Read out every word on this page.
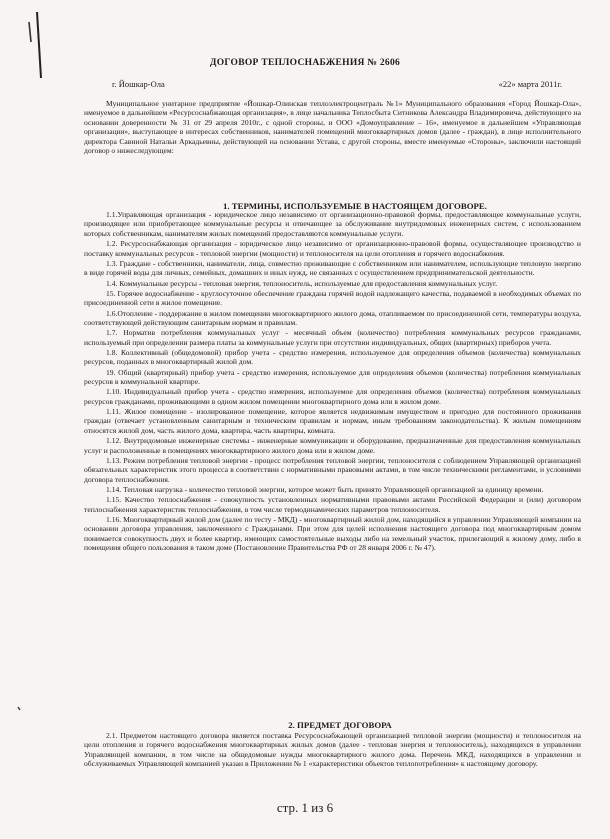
ДОГОВОР ТЕПЛОСНАБЖЕНИЯ № 2606
г. Йошкар-Ола	«22» марта 2011г.

Муниципальное унитарное предприятие «Йошкар-Олинская теплоэлектроцентраль №1» Муниципального образования «Город Йошкар-Ола», именуемое в дальнейшем «Ресурсоснабжающая организация», в лице начальника Теплосбыта Ситникова Александра Владимировича, действующего на основании доверенности № 31 от 29 апреля 2010г., с одной стороны, и ООО «Домоуправление – 16», именуемое в дальнейшем «Управляющая организация», выступающее в интересах собственников, нанимателей помещений многоквартирных домов (далее - граждан), в лице исполнительного директора Савиной Натальи Аркадьевны, действующей на основании Устава, с другой стороны, вместе именуемые «Стороны», заключили настоящий договор о нижеследующем:

1. ТЕРМИНЫ, ИСПОЛЬЗУЕМЫЕ В НАСТОЯЩЕМ ДОГОВОРЕ.

1.1.Управляющая организация - юридическое лицо независимо от организационно-правовой формы, предоставляющее коммунальные услуги, производящее или приобретающее коммунальные ресурсы и отвечающее за обслуживание внутридомовых инженерных систем, с использованием которых собственникам, нанимателям жилых помещений предоставляются коммунальные услуги.

1.2. Ресурсоснабжающая организация - юридическое лицо независимо от организационно-правовой формы, осуществляющее производство и поставку коммунальных ресурсов - тепловой энергии (мощности) и теплоносителя на цели отопления и горячего водоснабжения.

1.3. Граждане - собственники, наниматели, лица, совместно проживающие с собственником или нанимателем, использующие тепловую энергию в виде горячей воды для личных, семейных, домашних и иных нужд, не связанных с осуществлением предпринимательской деятельности.

1.4. Коммунальные ресурсы - тепловая энергия, теплоноситель, используемые для предоставления коммунальных услуг.

15. Горячее водоснабжение - круглосуточное обеспечение гражданa горячей водой надлежащего качества, подаваемой в необходимых объемах по присоединенной сети в жилое помещение.

1.6.Отопление - поддержание в жилом помещении многоквартирного жилого дома, отапливаемом по присоединенной сети, температуры воздуха, соответствующей действующим санитарным нормам и правилам.

1.7. Норматив потребления коммунальных услуг - месячный объем (количество) потребления коммунальных ресурсов гражданами, используемый при определении размера платы за коммунальные услуги при отсутствии индивидуальных, общих (квартирных) приборов учета.

1.8. Коллективный (общедомовой) прибор учета - средство измерения, используемое для определения объемов (количества) коммунальных ресурсов, поданных в многоквартирный жилой дом.

19. Общий (квартирный) прибор учета - средство измерения, используемое для определения объемов (количества) потребления коммунальных ресурсов в коммунальной квартире.

1.10. Индивидуальный прибор учета - средство измерения, используемое для определения объемов (количества) потребления коммунальных ресурсов гражданами, проживающими в одном жилом помещении многоквартирного дома или в жилом доме.

1.11. Жилое помещение - изолированное помещение, которое является недвижимым имуществом и пригодно для постоянного проживания граждан (отвечает установленным санитарным и техническим правилам и нормам, иным требованиям законодательства). К жилым помещениям относятся жилой дом, часть жилого дома, квартира, часть квартиры, комната.

1.12. Внутридомовые инженерные системы - инженерные коммуникации и оборудование, предназначенные для предоставления коммунальных услуг и расположенные в помещениях многоквартирного жилого дома или в жилом доме.

1.13. Режим потребления тепловой энергии - процесс потребления тепловой энергии, теплоносителя с соблюдением Управляющей организацией обязательных характеристик этого процесса в соответствии с нормативными правовыми актами, в том числе техническими регламентами, и условиями договора теплоснабжения.

1.14. Тепловая нагрузка - количество тепловой энергии, которое может быть принято Управляющей организацией за единицу времени.

1.15. Качество теплоснабжения - совокупность установленных нормативными правовыми актами Российской Федерации и (или) договором теплоснабжения характеристик теплоснабжения, в том числе термодинамических параметров теплоносителя.

1.16. Многоквартирный жилой дом (далее по тесту - МКД) - многоквартирный жилой дом, находящийся в управлении Управляющей компании на основании договора управления, заключенного с Гражданами. При этом для целей исполнения настоящего договора под многоквартирным домом понимается совокупность двух и более квартир, имеющих самостоятельные выходы либо на земельный участок, прилегающий к жилому дому, либо в помещения общего пользования в таком доме (Постановление Правительства РФ от 28 января 2006 г. № 47).

2. ПРЕДМЕТ ДОГОВОРА

2.1. Предметом настоящего договора является поставка Ресурсоснабжающей организацией тепловой энергии (мощности) и теплоносителя на цели отопления и горячего водоснабжения многоквартирных жилых домов (далее - тепловая энергия и теплоноситель), находящихся в управлении Управляющей компании, в том числе на общедомовые нужды многоквартирного жилого дома. Перечень МКД, находящихся в управлении и обслуживаемых Управляющей компанией указан в Приложении № 1 «характеристики объектов теплопотребления» к настоящему договору.

стр. 1 из 6
